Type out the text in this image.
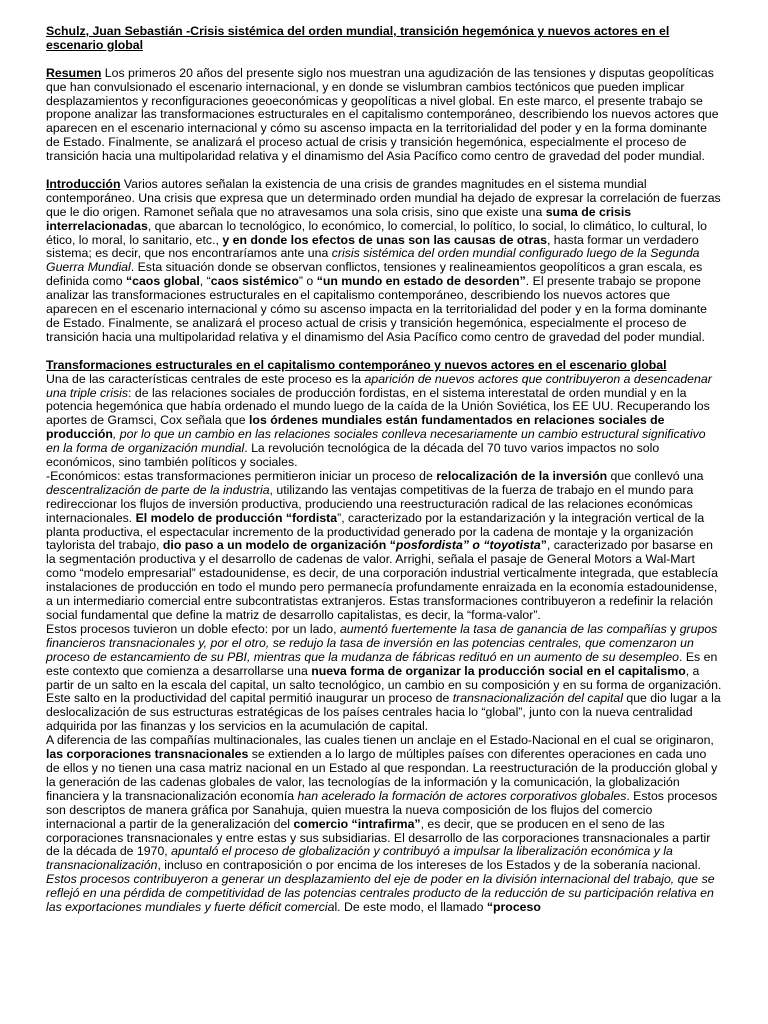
Schulz, Juan Sebastián -Crisis sistémica del orden mundial, transición hegemónica y nuevos actores en el escenario global

Resumen Los primeros 20 años del presente siglo nos muestran una agudización de las tensiones y disputas geopolíticas que han convulsionado el escenario internacional, y en donde se vislumbran cambios tectónicos que pueden implicar desplazamientos y reconfiguraciones geoeconómicas y geopolíticas a nivel global. En este marco, el presente trabajo se propone analizar las transformaciones estructurales en el capitalismo contemporáneo, describiendo los nuevos actores que aparecen en el escenario internacional y cómo su ascenso impacta en la territorialidad del poder y en la forma dominante de Estado. Finalmente, se analizará el proceso actual de crisis y transición hegemónica, especialmente el proceso de transición hacia una multipolaridad relativa y el dinamismo del Asia Pacífico como centro de gravedad del poder mundial.

Introducción Varios autores señalan la existencia de una crisis de grandes magnitudes en el sistema mundial contemporáneo. Una crisis que expresa que un determinado orden mundial ha dejado de expresar la correlación de fuerzas que le dio origen. Ramonet señala que no atravesamos una sola crisis, sino que existe una suma de crisis interrelacionadas, que abarcan lo tecnológico, lo económico, lo comercial, lo político, lo social, lo climático, lo cultural, lo ético, lo moral, lo sanitario, etc., y en donde los efectos de unas son las causas de otras, hasta formar un verdadero sistema; es decir, que nos encontraríamos ante una crisis sistémica del orden mundial configurado luego de la Segunda Guerra Mundial. Esta situación donde se observan conflictos, tensiones y realineamientos geopolíticos a gran escala, es definida como “caos global, “caos sistémico” o “un mundo en estado de desorden”. El presente trabajo se propone analizar las transformaciones estructurales en el capitalismo contemporáneo, describiendo los nuevos actores que aparecen en el escenario internacional y cómo su ascenso impacta en la territorialidad del poder y en la forma dominante de Estado. Finalmente, se analizará el proceso actual de crisis y transición hegemónica, especialmente el proceso de transición hacia una multipolaridad relativa y el dinamismo del Asia Pacífico como centro de gravedad del poder mundial.

Transformaciones estructurales en el capitalismo contemporáneo y nuevos actores en el escenario global

Una de las características centrales de este proceso es la aparición de nuevos actores que contribuyeron a desencadenar una triple crisis: de las relaciones sociales de producción fordistas, en el sistema interestatal de orden mundial y en la potencia hegemónica que había ordenado el mundo luego de la caída de la Unión Soviética, los EE UU. Recuperando los aportes de Gramsci, Cox señala que los órdenes mundiales están fundamentados en relaciones sociales de producción, por lo que un cambio en las relaciones sociales conlleva necesariamente un cambio estructural significativo en la forma de organización mundial. La revolución tecnológica de la década del 70 tuvo varios impactos no solo económicos, sino también políticos y sociales.

-Económicos: estas transformaciones permitieron iniciar un proceso de relocalización de la inversión que conllevó una descentralización de parte de la industria, utilizando las ventajas competitivas de la fuerza de trabajo en el mundo para redireccionar los flujos de inversión productiva, produciendo una reestructuración radical de las relaciones económicas internacionales. El modelo de producción “fordista”, caracterizado por la estandarización y la integración vertical de la planta productiva, el espectacular incremento de la productividad generado por la cadena de montaje y la organización taylorista del trabajo, dio paso a un modelo de organización “posfordista” o “toyotista”, caracterizado por basarse en la segmentación productiva y el desarrollo de cadenas de valor. Arrighi, señala el pasaje de General Motors a Wal-Mart como “modelo empresarial” estadounidense, es decir, de una corporación industrial verticalmente integrada, que establecía instalaciones de producción en todo el mundo pero permanecía profundamente enraizada en la economía estadounidense, a un intermediario comercial entre subcontratistas extranjeros. Estas transformaciones contribuyeron a redefinir la relación social fundamental que define la matriz de desarrollo capitalistas, es decir, la “forma-valor”.

Estos procesos tuvieron un doble efecto: por un lado, aumentó fuertemente la tasa de ganancia de las compañías y grupos financieros transnacionales y, por el otro, se redujo la tasa de inversión en las potencias centrales, que comenzaron un proceso de estancamiento de su PBI, mientras que la mudanza de fábricas redituó en un aumento de su desempleo. Es en este contexto que comienza a desarrollarse una nueva forma de organizar la producción social en el capitalismo, a partir de un salto en la escala del capital, un salto tecnológico, un cambio en su composición y en su forma de organización. Este salto en la productividad del capital permitió inaugurar un proceso de transnacionalización del capital que dio lugar a la deslocalización de sus estructuras estratégicas de los países centrales hacia lo “global”, junto con la nueva centralidad adquirida por las finanzas y los servicios en la acumulación de capital.

A diferencia de las compañías multinacionales, las cuales tienen un anclaje en el Estado-Nacional en el cual se originaron, las corporaciones transnacionales se extienden a lo largo de múltiples países con diferentes operaciones en cada uno de ellos y no tienen una casa matriz nacional en un Estado al que respondan. La reestructuración de la producción global y la generación de las cadenas globales de valor, las tecnologías de la información y la comunicación, la globalización financiera y la transnacionalización economía han acelerado la formación de actores corporativos globales. Estos procesos son descriptos de manera gráfica por Sanahuja, quien muestra la nueva composición de los flujos del comercio internacional a partir de la generalización del comercio “intrafirma”, es decir, que se producen en el seno de las corporaciones transnacionales y entre estas y sus subsidiarias. El desarrollo de las corporaciones transnacionales a partir de la década de 1970, apuntaló el proceso de globalización y contribuyó a impulsar la liberalización económica y la transnacionalización, incluso en contraposición o por encima de los intereses de los Estados y de la soberanía nacional.

Estos procesos contribuyeron a generar un desplazamiento del eje de poder en la división internacional del trabajo, que se reflejó en una pérdida de competitividad de las potencias centrales producto de la reducción de su participación relativa en las exportaciones mundiales y fuerte déficit comercial. De este modo, el llamado “proceso
